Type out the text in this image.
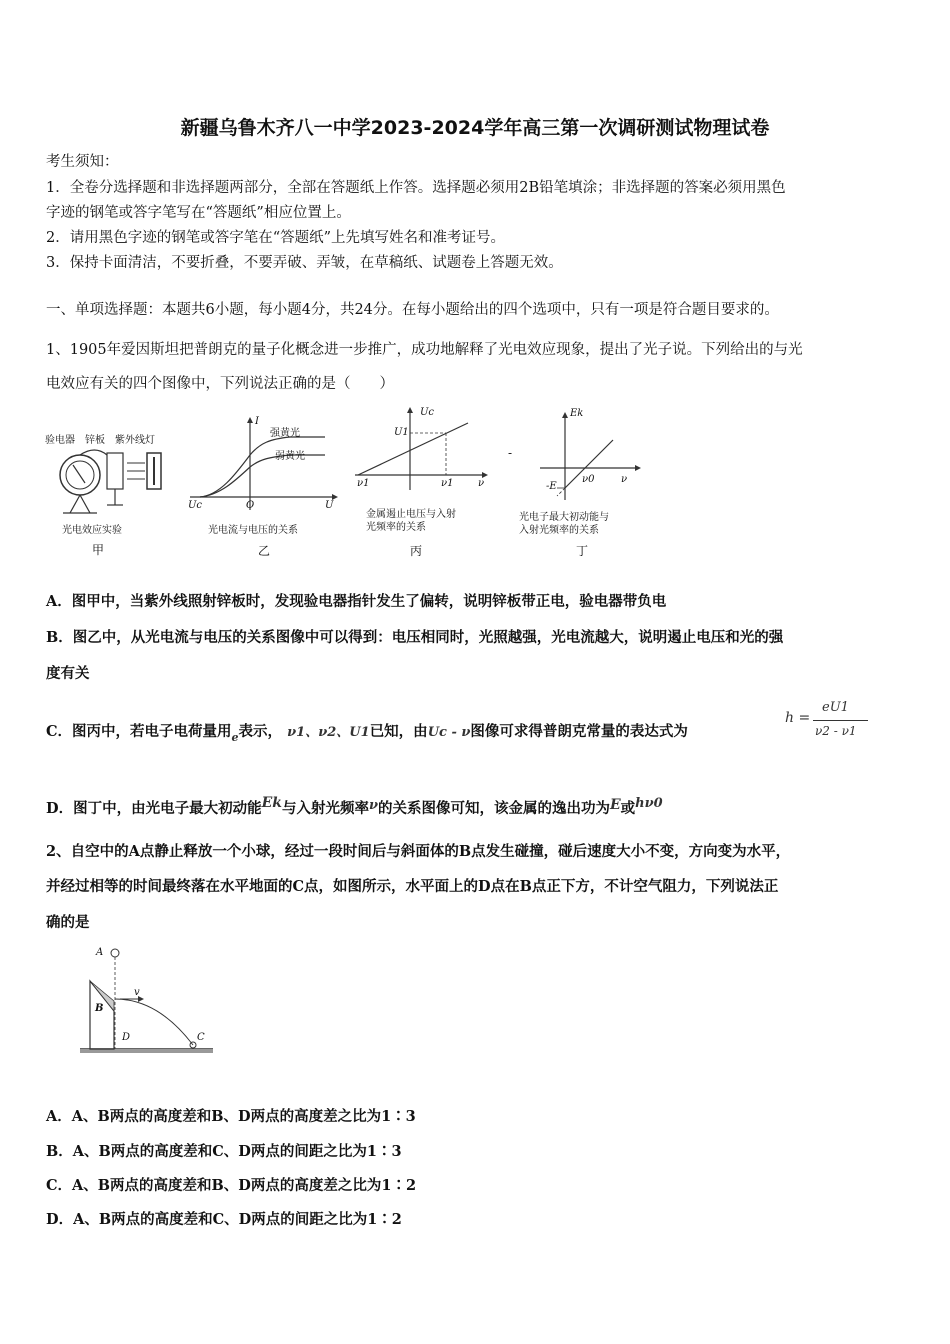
新疆乌鲁木齐八一中学2023-2024学年高三第一次调研测试物理试卷
考生须知：
1．全卷分选择题和非选择题两部分，全部在答题纸上作答。选择题必须用2B铅笔填涂；非选择题的答案必须用黑色
字迹的钢笔或答字笔写在“答题纸”相应位置上。
2．请用黑色字迹的钢笔或答字笔在“答题纸”上先填写姓名和准考证号。
3．保持卡面清洁，不要折叠，不要弄破、弄皱，在草稿纸、试题卷上答题无效。
一、单项选择题：本题共6小题，每小题4分，共24分。在每小题给出的四个选项中，只有一项是符合题目要求的。
1、1905年爱因斯坦把普朗克的量子化概念进一步推广，成功地解释了光电效应现象，提出了光子说。下列给出的与光
电效应有关的四个图像中，下列说法正确的是（　　）
验电器　锌板　紫外线灯
光电效应实验
甲
I
强黄光
弱黄光
Uc	O	U
光电流与电压的关系
乙
Uc
U1
ν1	ν1 ν
金属遏止电压与入射
光频率的关系
丙
-
Ek
-E
ν0	ν
光电子最大初动能与
入射光频率的关系
丁
A．图甲中，当紫外线照射锌板时，发现验电器指针发生了偏转，说明锌板带正电，验电器带负电
B．图乙中，从光电流与电压的关系图像中可以得到：电压相同时，光照越强，光电流越大，说明遏止电压和光的强
度有关
C．图丙中，若电子电荷量用$_e$表示， ν1、ν2、U1已知，由Uc - ν图像可求得普朗克常量的表达式为
h =
eU1
ν2 - ν1
D．图丁中，由光电子最大初动能Ek与入射光频率ν的关系图像可知，该金属的逸出功为E或hν0
2、自空中的A点静止释放一个小球，经过一段时间后与斜面体的B点发生碰撞，碰后速度大小不变，方向变为水平，
并经过相等的时间最终落在水平地面的C点，如图所示，水平面上的D点在B点正下方，不计空气阻力，下列说法正
确的是
A
B
v
D	C
A．A、B两点的高度差和B、D两点的高度差之比为1∶3
B．A、B两点的高度差和C、D两点的间距之比为1∶3
C．A、B两点的高度差和B、D两点的高度差之比为1∶2
D．A、B两点的高度差和C、D两点的间距之比为1∶2
